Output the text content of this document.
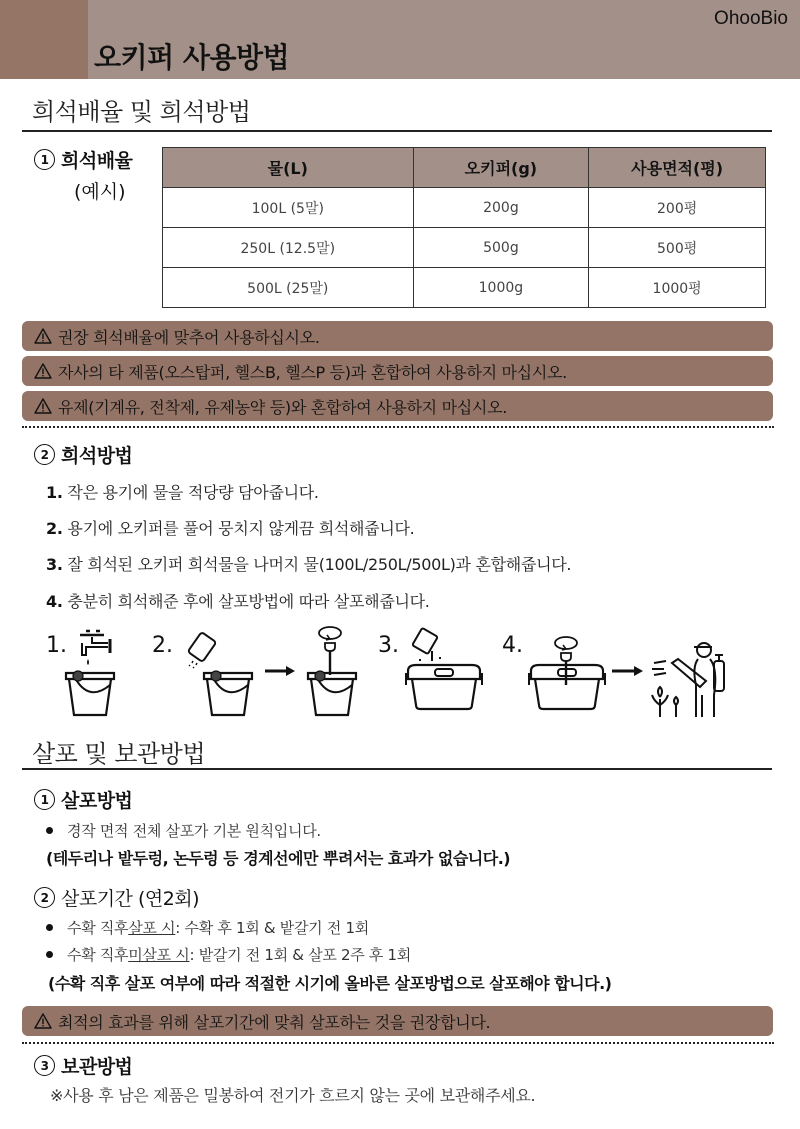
OhooBio
오키퍼 사용방법
희석배율 및 희석방법
1 희석배율
(예시)
물(L)	오키퍼(g)	사용면적(평)
100L (5말)	200g	200평
250L (12.5말)	500g	500평
500L (25말)	1000g	1000평
권장 희석배율에 맞추어 사용하십시오.
자사의 타 제품(오스탑퍼, 헬스B, 헬스P 등)과 혼합하여 사용하지 마십시오.
유제(기계유, 전착제, 유제농약 등)와 혼합하여 사용하지 마십시오.
2 희석방법
1. 작은 용기에 물을 적당량 담아줍니다.
2. 용기에 오키퍼를 풀어 뭉치지 않게끔 희석해줍니다.
3. 잘 희석된 오키퍼 희석물을 나머지 물(100L/250L/500L)과 혼합해줍니다.
4. 충분히 희석해준 후에 살포방법에 따라 살포해줍니다.
1.	2.	3.	4.
살포 및 보관방법
1 살포방법
경작 면적 전체 살포가 기본 원칙입니다.
(테두리나 밭두렁, 논두렁 등 경계선에만 뿌려서는 효과가 없습니다.)
2 살포기간 (연2회)
수확 직후 살포 시 : 수확 후 1회 & 밭갈기 전 1회
수확 직후 미살포 시 : 밭갈기 전 1회 & 살포 2주 후 1회
(수확 직후 살포 여부에 따라 적절한 시기에 올바른 살포방법으로 살포해야 합니다.)
최적의 효과를 위해 살포기간에 맞춰 살포하는 것을 권장합니다.
3 보관방법
※사용 후 남은 제품은 밀봉하여 전기가 흐르지 않는 곳에 보관해주세요.
